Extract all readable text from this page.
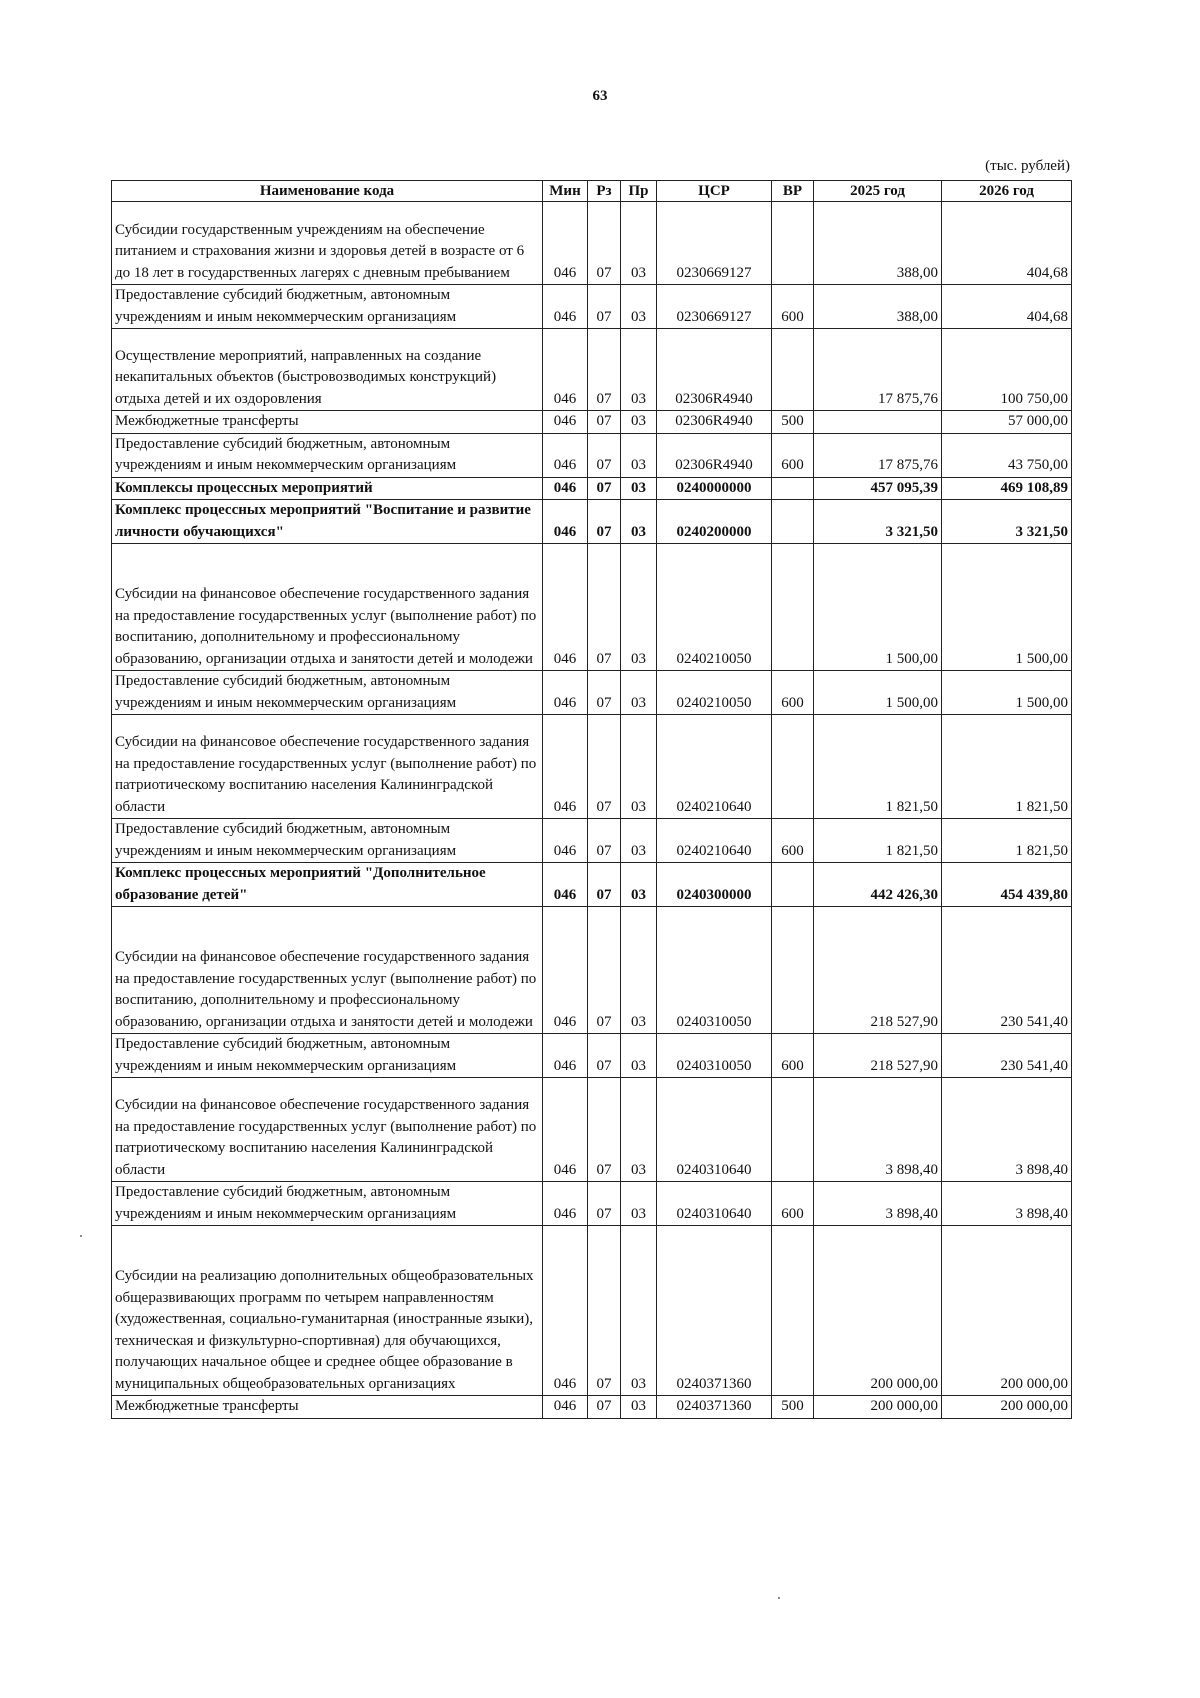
63
(тыс. рублей)
Наименование кода	Мин	Рз	Пр	ЦСР	ВР	2025 год	2026 год
Субсидии государственным учреждениям на обеспечение питанием и страхования жизни и здоровья детей в возрасте от 6 до 18 лет в государственных лагерях с дневным пребыванием	046	07	03	0230669127		388,00	404,68
Предоставление субсидий бюджетным, автономным учреждениям и иным некоммерческим организациям	046	07	03	0230669127	600	388,00	404,68
Осуществление мероприятий, направленных на создание некапитальных объектов (быстровозводимых конструкций) отдыха детей и их оздоровления	046	07	03	02306R4940		17 875,76	100 750,00
Межбюджетные трансферты	046	07	03	02306R4940	500		57 000,00
Предоставление субсидий бюджетным, автономным учреждениям и иным некоммерческим организациям	046	07	03	02306R4940	600	17 875,76	43 750,00
Комплексы процессных мероприятий	046	07	03	0240000000		457 095,39	469 108,89
Комплекс процессных мероприятий "Воспитание и развитие личности обучающихся"	046	07	03	0240200000		3 321,50	3 321,50
Субсидии на финансовое обеспечение государственного задания на предоставление государственных услуг (выполнение работ) по воспитанию, дополнительному и профессиональному образованию, организации отдыха и занятости детей и молодежи	046	07	03	0240210050		1 500,00	1 500,00
Предоставление субсидий бюджетным, автономным учреждениям и иным некоммерческим организациям	046	07	03	0240210050	600	1 500,00	1 500,00
Субсидии на финансовое обеспечение государственного задания на предоставление государственных услуг (выполнение работ) по патриотическому воспитанию населения Калининградской области	046	07	03	0240210640		1 821,50	1 821,50
Предоставление субсидий бюджетным, автономным учреждениям и иным некоммерческим организациям	046	07	03	0240210640	600	1 821,50	1 821,50
Комплекс процессных мероприятий "Дополнительное образование детей"	046	07	03	0240300000		442 426,30	454 439,80
Субсидии на финансовое обеспечение государственного задания на предоставление государственных услуг (выполнение работ) по воспитанию, дополнительному и профессиональному образованию, организации отдыха и занятости детей и молодежи	046	07	03	0240310050		218 527,90	230 541,40
Предоставление субсидий бюджетным, автономным учреждениям и иным некоммерческим организациям	046	07	03	0240310050	600	218 527,90	230 541,40
Субсидии на финансовое обеспечение государственного задания на предоставление государственных услуг (выполнение работ) по патриотическому воспитанию населения Калининградской области	046	07	03	0240310640		3 898,40	3 898,40
Предоставление субсидий бюджетным, автономным учреждениям и иным некоммерческим организациям	046	07	03	0240310640	600	3 898,40	3 898,40
Субсидии на реализацию дополнительных общеобразовательных общеразвивающих программ по четырем направленностям (художественная, социально-гуманитарная (иностранные языки), техническая и физкультурно-спортивная) для обучающихся, получающих начальное общее и среднее общее образование в муниципальных общеобразовательных организациях	046	07	03	0240371360		200 000,00	200 000,00
Межбюджетные трансферты	046	07	03	0240371360	500	200 000,00	200 000,00
